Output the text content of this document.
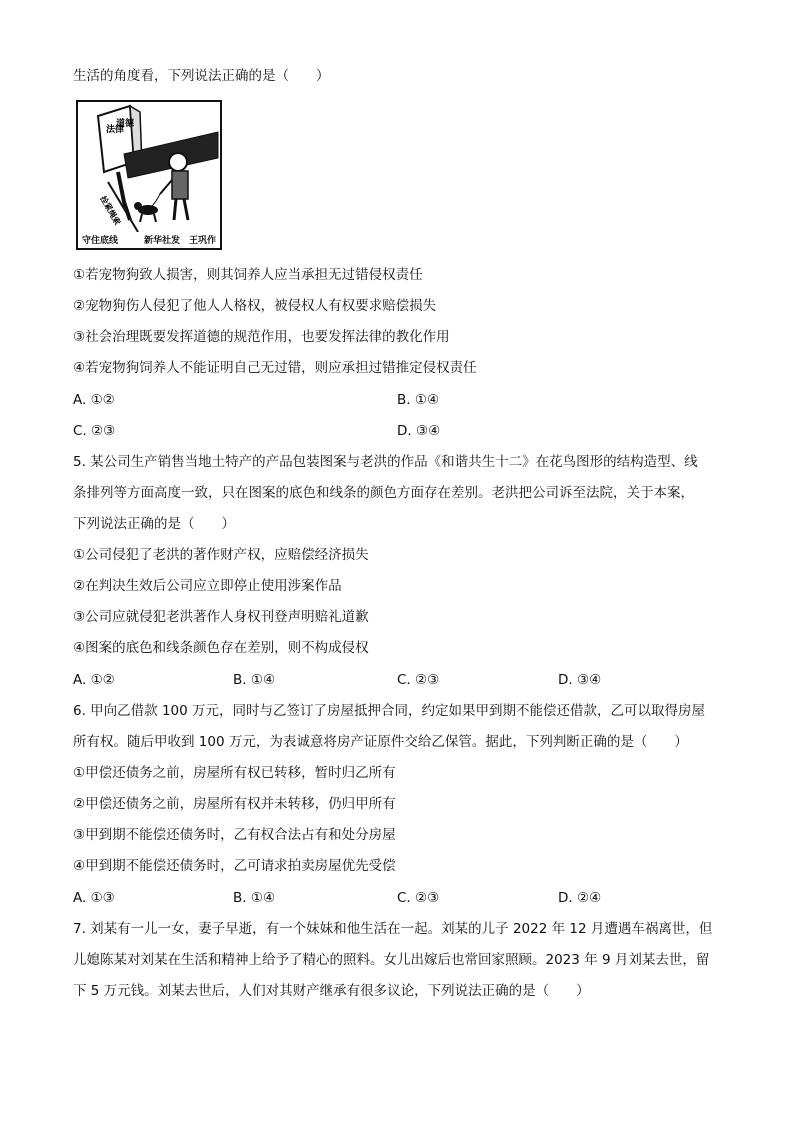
生活的角度看，下列说法正确的是（　　）
法律
道德
拴紧绳索
守住底线	新华社发　王巩作
①若宠物狗致人损害，则其饲养人应当承担无过错侵权责任
②宠物狗伤人侵犯了他人人格权，被侵权人有权要求赔偿损失
③社会治理既要发挥道德的规范作用，也要发挥法律的教化作用
④若宠物狗饲养人不能证明自己无过错，则应承担过错推定侵权责任
A. ①②	B. ①④
C. ②③	D. ③④
5. 某公司生产销售当地土特产的产品包装图案与老洪的作品《和谐共生十二》在花鸟图形的结构造型、线
条排列等方面高度一致，只在图案的底色和线条的颜色方面存在差别。老洪把公司诉至法院，关于本案，
下列说法正确的是（　　）
①公司侵犯了老洪的著作财产权，应赔偿经济损失
②在判决生效后公司应立即停止使用涉案作品
③公司应就侵犯老洪著作人身权刊登声明赔礼道歉
④图案的底色和线条颜色存在差别，则不构成侵权
A. ①②	B. ①④	C. ②③	D. ③④
6. 甲向乙借款 100 万元，同时与乙签订了房屋抵押合同，约定如果甲到期不能偿还借款，乙可以取得房屋
所有权。随后甲收到 100 万元，为表诚意将房产证原件交给乙保管。据此，下列判断正确的是（　　）
①甲偿还债务之前，房屋所有权已转移，暂时归乙所有
②甲偿还债务之前，房屋所有权并未转移，仍归甲所有
③甲到期不能偿还债务时，乙有权合法占有和处分房屋
④甲到期不能偿还债务时，乙可请求拍卖房屋优先受偿
A. ①③	B. ①④	C. ②③	D. ②④
7. 刘某有一儿一女，妻子早逝，有一个妹妹和他生活在一起。刘某的儿子 2022 年 12 月遭遇车祸离世，但
儿媳陈某对刘某在生活和精神上给予了精心的照料。女儿出嫁后也常回家照顾。2023 年 9 月刘某去世，留
下 5 万元钱。刘某去世后，人们对其财产继承有很多议论，下列说法正确的是（　　）
